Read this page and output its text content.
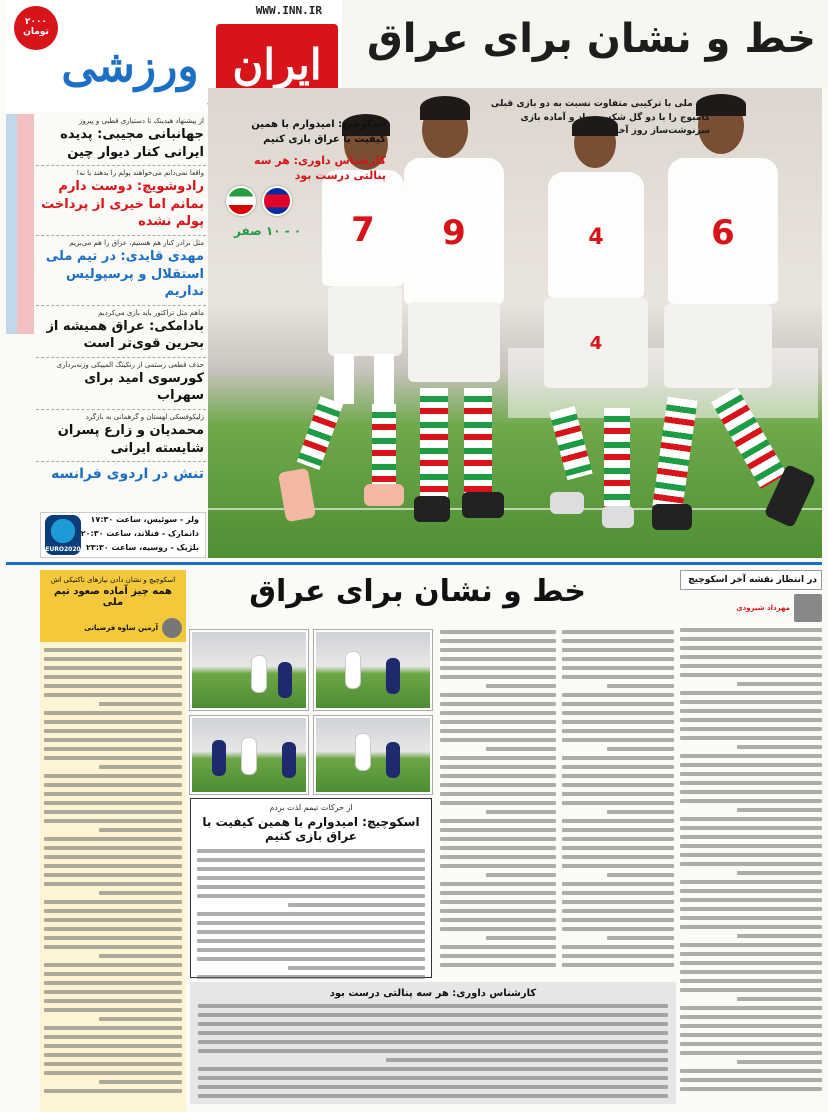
WWW.INN.IR
۲۰۰۰
تومان
ایران
ورزشی
خط و نشان برای عراق
از پیشنهاد هیدینک تا دستیاری قطبی و پیروز
جهانبانی مجیبی: پدیده ایرانی کنار دیوار چین
واقعا نمی‌دانم می‌خواهند پولم را بدهند یا نه!
رادوشویچ: دوست دارم بمانم اما خیری از پرداخت پولم نشده
مثل برادر کنار هم هستیم، عراق را هم می‌بریم
مهدی قایدی: در تیم ملی استقلال و پرسپولیس نداریم
ماهم مثل تراکتور باید بازی می‌کردیم
بادامکی: عراق همیشه از بحرین قوی‌تر است
حذف قطعی رستمی از رنکینگ المپیکی وزنه‌برداری
کورسوی امید برای سهراب
زلیکوفسکی لهستان و گرهمانی به بازگرد
محمدیان و زارع پسران شایسته ایرانی
تنش در اردوی فرانسه
EURO2020
ولز - سوئیس، ساعت ۱۷:۳۰
دانمارک - فنلاند، ساعت ۲۰:۳۰
بلژیک - روسیه، ساعت ۲۳:۳۰
7	9	4
4
6
تیم ملی با ترکیبی متفاوت نسبت به دو بازی قبلی کامبوج را با دو گل شکست داد و آماده بازی سرنوشت‌ساز روز آخر است
اسکوچیچ: امیدوارم با همین کیفیت با عراق بازی کنیم
کارشناس داوری: هر سه پنالتی درست بود
۰ - ۱۰ صفر
اسکوچیچ و نشان دادن نیازهای تاکتیکی اش
همه چیز آماده صعود تیم ملی
آرمین ساوه فرضیانی
خط و نشان برای عراق
از حرکات تیمم لذت بردم
اسکوچیچ: امیدوارم با همین کیفیت با عراق بازی کنیم
کارشناس داوری: هر سه پنالتی درست بود
در انتظار نقشه آخر اسکوچیچ
مهرداد شیرودی
